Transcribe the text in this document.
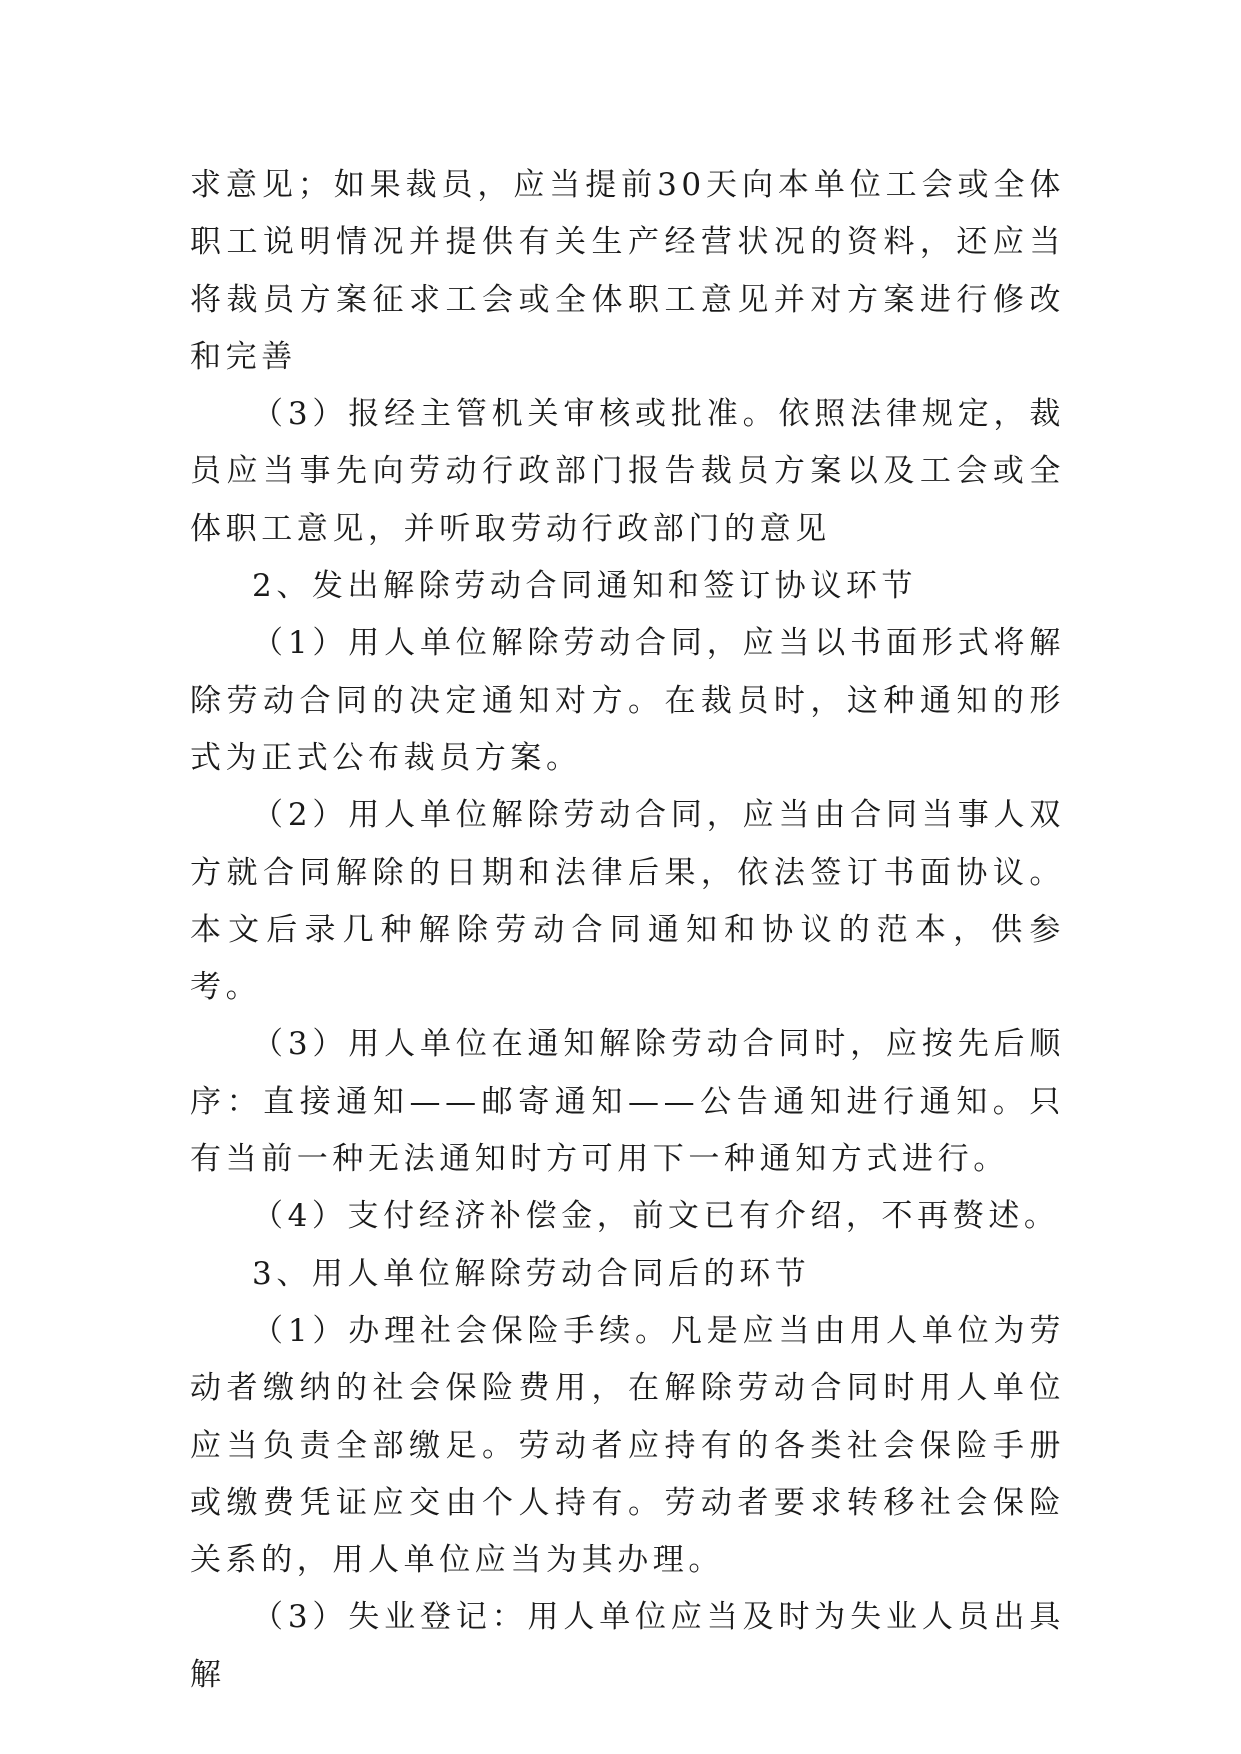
求意见；如果裁员，应当提前30天向本单位工会或全体职工说明情况并提供有关生产经营状况的资料，还应当将裁员方案征求工会或全体职工意见并对方案进行修改和完善

（3）报经主管机关审核或批准。依照法律规定，裁员应当事先向劳动行政部门报告裁员方案以及工会或全体职工意见，并听取劳动行政部门的意见

2、发出解除劳动合同通知和签订协议环节

（1）用人单位解除劳动合同，应当以书面形式将解除劳动合同的决定通知对方。在裁员时，这种通知的形式为正式公布裁员方案。

（2）用人单位解除劳动合同，应当由合同当事人双方就合同解除的日期和法律后果，依法签订书面协议。本文后录几种解除劳动合同通知和协议的范本，供参考。

（3）用人单位在通知解除劳动合同时，应按先后顺序：直接通知——邮寄通知——公告通知进行通知。只有当前一种无法通知时方可用下一种通知方式进行。

（4）支付经济补偿金，前文已有介绍，不再赘述。

3、用人单位解除劳动合同后的环节

（1）办理社会保险手续。凡是应当由用人单位为劳动者缴纳的社会保险费用，在解除劳动合同时用人单位应当负责全部缴足。劳动者应持有的各类社会保险手册或缴费凭证应交由个人持有。劳动者要求转移社会保险关系的，用人单位应当为其办理。

（3）失业登记：用人单位应当及时为失业人员出具解
